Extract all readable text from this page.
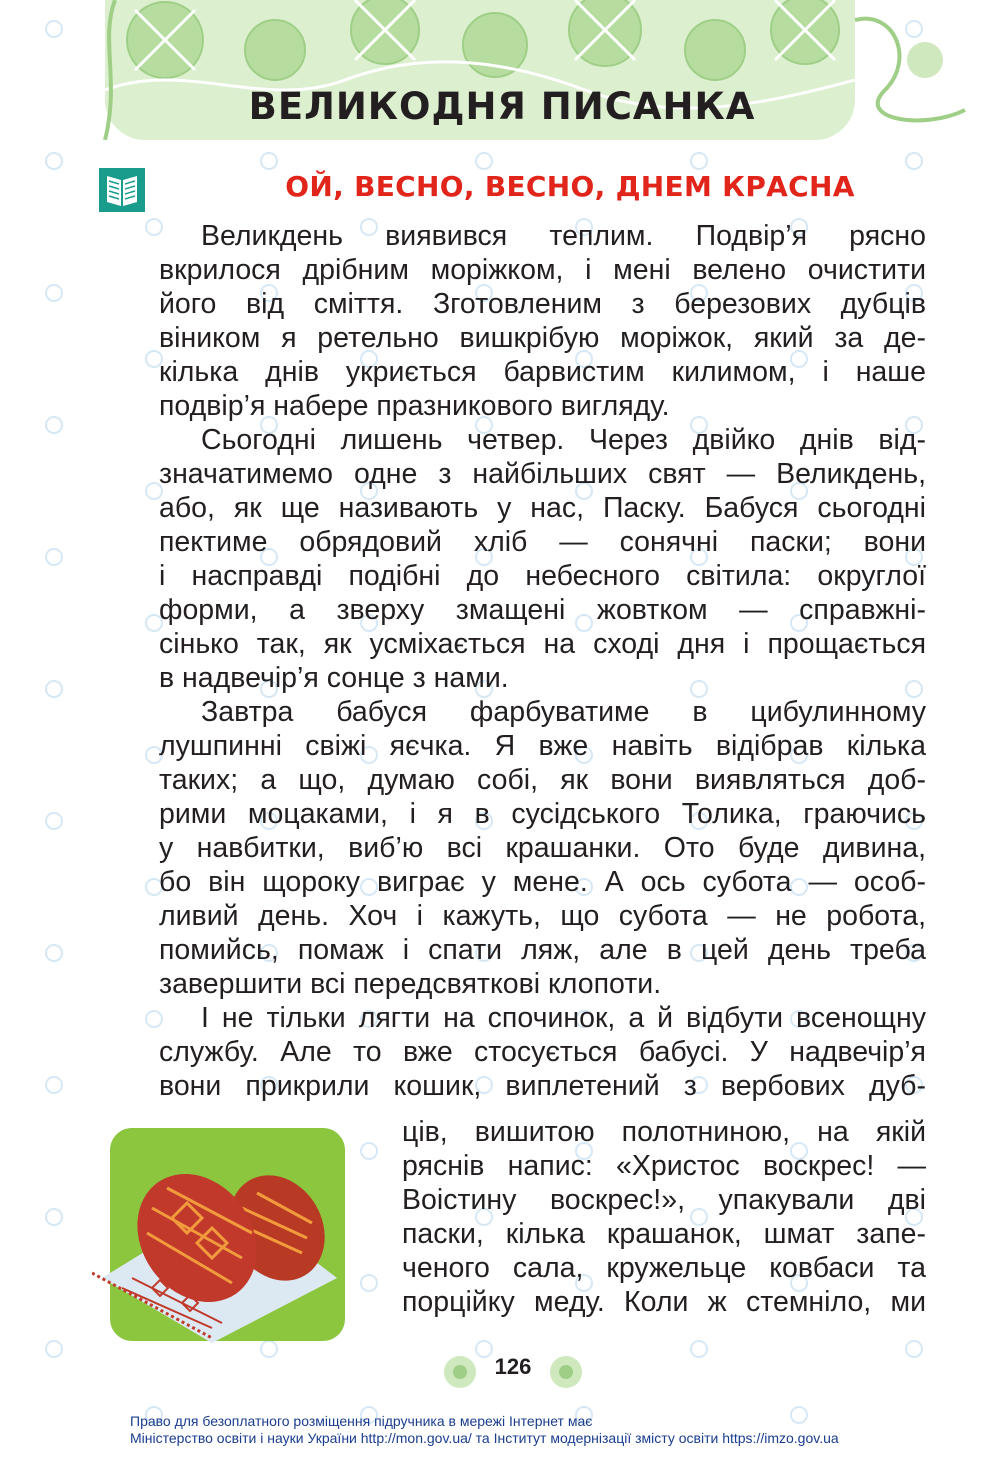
ВЕЛИКОДНЯ ПИСАНКА
ОЙ, ВЕСНО, ВЕСНО, ДНЕМ КРАСНА
Великдень виявився теплим. Подвір’я рясно
вкрилося дрібним моріжком, і мені велено очистити
його від сміття. Зготовленим з березових дубців
віником я ретельно вишкрібую моріжок, який за де-
кілька днів укриється барвистим килимом, і наше
подвір’я набере празникового вигляду.
Сьогодні лишень четвер. Через двійко днів від-
значатимемо одне з найбільших свят — Великдень,
або, як ще називають у нас, Паску. Бабуся сьогодні
пектиме обрядовий хліб — сонячні паски; вони
і насправді подібні до небесного світила: округлої
форми, а зверху змащені жовтком — справжні-
сінько так, як усміхається на сході дня і прощається
в надвечір’я сонце з нами.
Завтра бабуся фарбуватиме в цибулинному
лушпинні свіжі яєчка. Я вже навіть відібрав кілька
таких; а що, думаю собі, як вони виявляться доб-
рими моцаками, і я в сусідського Толика, граючись
у навбитки, виб’ю всі крашанки. Ото буде дивина,
бо він щороку виграє у мене. А ось субота — особ-
ливий день. Хоч і кажуть, що субота — не робота,
помийсь, помаж і спати ляж, але в цей день треба
завершити всі передсвяткові клопоти.
І не тільки лягти на спочинок, а й відбути всенощну
службу. Але то вже стосується бабусі. У надвечір’я
вони прикрили кошик, виплетений з вербових дуб-
ців, вишитою полотниною, на якій
ряснів напис: «Христос воскрес! —
Воістину воскрес!», упакували дві
паски, кілька крашанок, шмат запе-
ченого сала, кружельце ковбаси та
порційку меду. Коли ж стемніло, ми
126
Право для безоплатного розміщення підручника в мережі Інтернет має
Міністерство освіти і науки України http://mon.gov.ua/ та Інститут модернізації змісту освіти https://imzo.gov.ua
